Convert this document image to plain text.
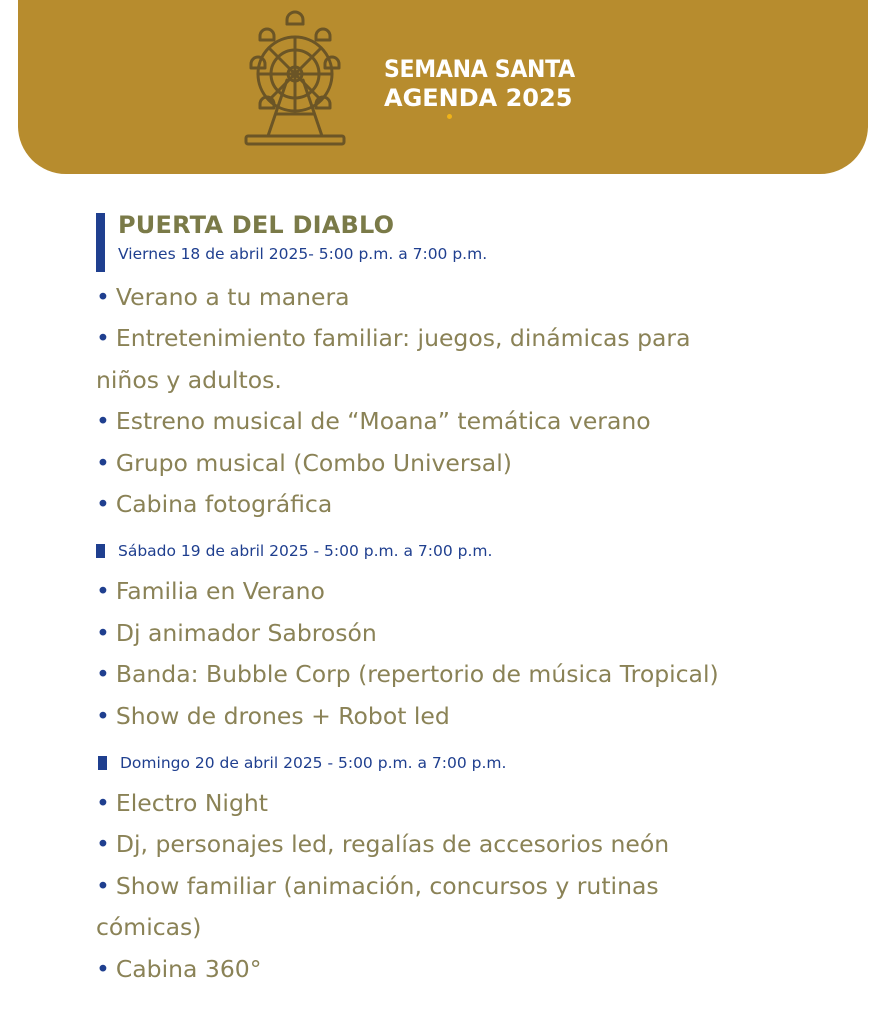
SEMANA SANTA
AGENDA 2025
PUERTA DEL DIABLO
Viernes 18 de abril 2025- 5:00 p.m. a 7:00 p.m.
• Verano a tu manera
• Entretenimiento familiar: juegos, dinámicas para
niños y adultos.
• Estreno musical de “Moana” temática verano
• Grupo musical (Combo Universal)
• Cabina fotográfica
Sábado 19 de abril 2025 - 5:00 p.m. a 7:00 p.m.
• Familia en Verano
• Dj animador Sabrosón
• Banda: Bubble Corp (repertorio de música Tropical)
• Show de drones + Robot led
Domingo 20 de abril 2025 - 5:00 p.m. a 7:00 p.m.
• Electro Night
• Dj, personajes led, regalías de accesorios neón
• Show familiar (animación, concursos y rutinas
cómicas)
• Cabina 360°
